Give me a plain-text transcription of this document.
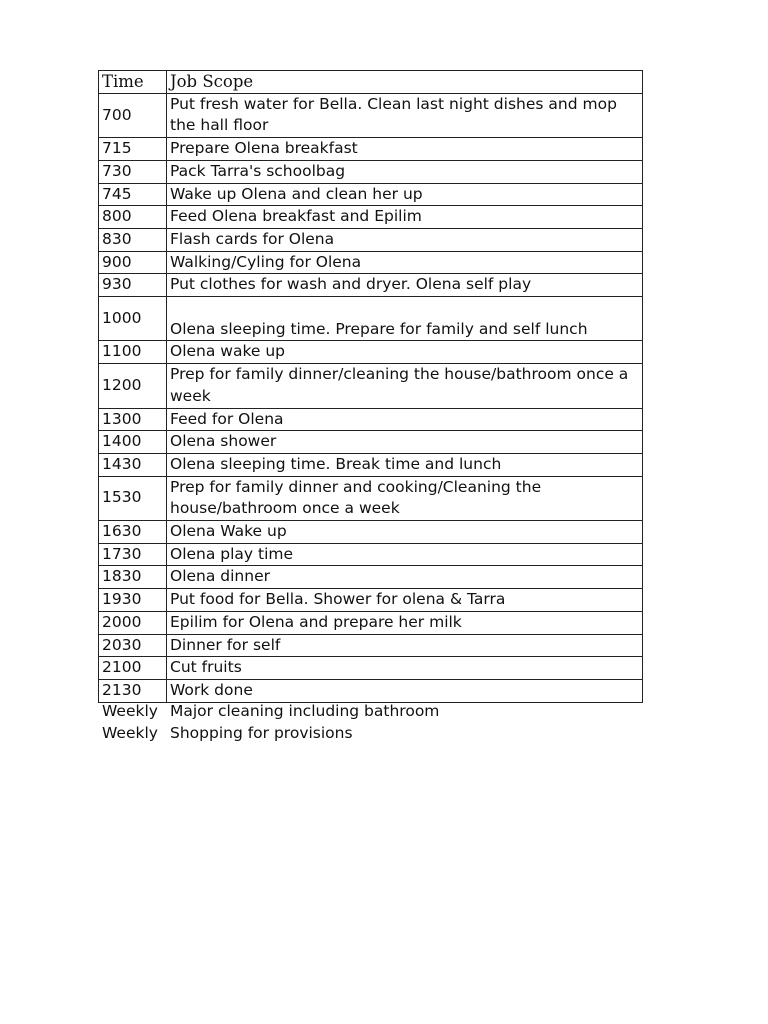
Time	Job Scope
700	Put fresh water for Bella. Clean last night dishes and mop the hall floor
715	Prepare Olena breakfast
730	Pack Tarra's schoolbag
745	Wake up Olena and clean her up
800	Feed Olena breakfast and Epilim
830	Flash cards for Olena
900	Walking/Cyling for Olena
930	Put clothes for wash and dryer. Olena self play
1000	Olena sleeping time. Prepare for family and self lunch
1100	Olena wake up
1200	Prep for family dinner/cleaning the house/bathroom once a week
1300	Feed for Olena
1400	Olena shower
1430	Olena sleeping time. Break time and lunch
1530	Prep for family dinner and cooking/Cleaning the house/bathroom once a week
1630	Olena Wake up
1730	Olena play time
1830	Olena dinner
1930	Put food for Bella. Shower for olena & Tarra
2000	Epilim for Olena and prepare her milk
2030	Dinner for self
2100	Cut fruits
2130	Work done
Weekly Major cleaning including bathroom
Weekly Shopping for provisions
